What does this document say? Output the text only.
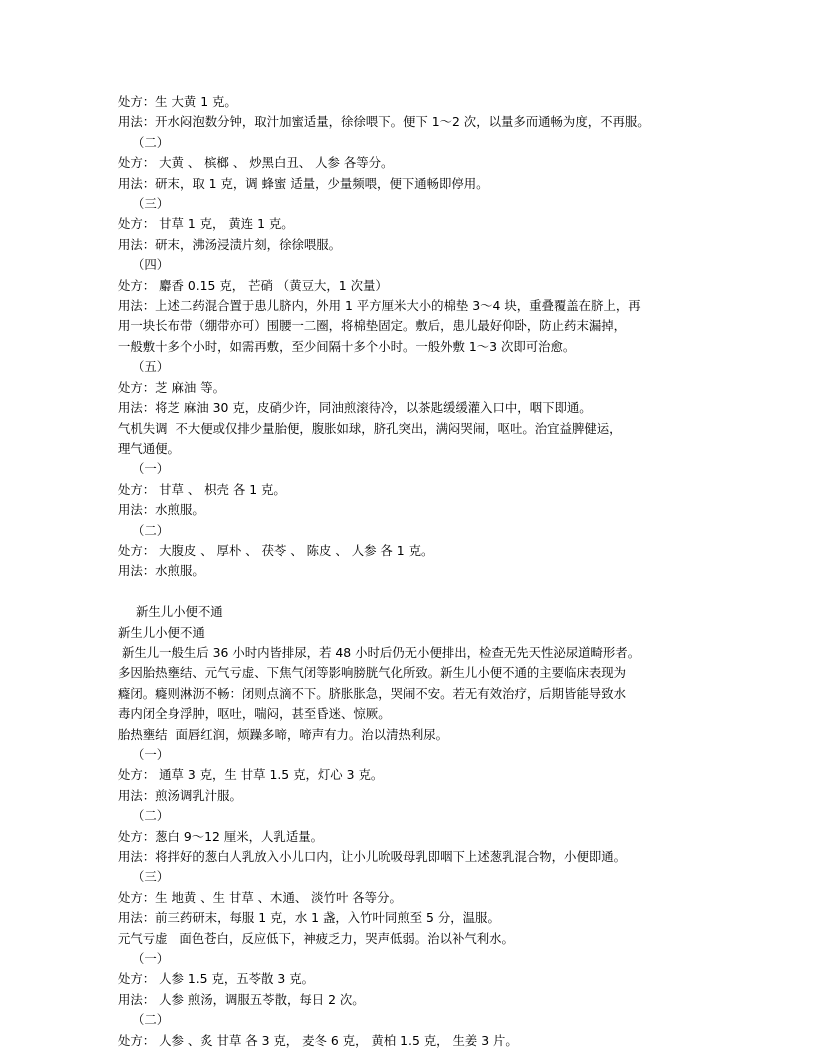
处方：生 大黄 1 克。

用法：开水闷泡数分钟，取汁加蜜适量，徐徐喂下。便下 1～2 次，以量多而通畅为度，不再服。

（二）

处方： 大黄 、 槟榔 、 炒黑白丑、 人参 各等分。

用法：研末，取 1 克，调 蜂蜜 适量，少量频喂，便下通畅即停用。

（三）

处方： 甘草 1 克， 黄连 1 克。

用法：研末，沸汤浸渍片刻，徐徐喂服。

（四）

处方： 麝香 0.15 克， 芒硝 （黄豆大，1 次量）

用法：上述二药混合置于患儿脐内，外用 1 平方厘米大小的棉垫 3～4 块，重叠覆盖在脐上，再

用一块长布带（绷带亦可）围腰一二圈，将棉垫固定。敷后，患儿最好仰卧，防止药末漏掉，

一般敷十多个小时，如需再敷，至少间隔十多个小时。一般外敷 1～3 次即可治愈。

（五）

处方：芝 麻油 等。

用法：将芝 麻油 30 克，皮硝少许，同油煎滚待冷，以茶匙缓缓灌入口中，咽下即通。

气机失调  不大便或仅排少量胎便，腹胀如球，脐孔突出，满闷哭闹，呕吐。治宜益脾健运，

理气通便。

（一）

处方： 甘草 、 枳壳 各 1 克。

用法：水煎服。

（二）

处方： 大腹皮 、 厚朴 、 茯苓 、 陈皮 、 人参 各 1 克。

用法：水煎服。

新生儿小便不通

新生儿小便不通

新生儿一般生后 36 小时内皆排尿，若 48 小时后仍无小便排出，检查无先天性泌尿道畸形者。

多因胎热壅结、元气亏虚、下焦气闭等影响膀胱气化所致。新生儿小便不通的主要临床表现为

癃闭。癃则淋沥不畅：闭则点滴不下。脐胀胀急，哭闹不安。若无有效治疗，后期皆能导致水

毒内闭全身浮肿，呕吐，喘闷，甚至昏迷、惊厥。

胎热壅结  面唇红润，烦躁多啼，啼声有力。治以清热利尿。

（一）

处方： 通草 3 克，生 甘草 1.5 克，灯心 3 克。

用法：煎汤调乳汁服。

（二）

处方：葱白 9～12 厘米，人乳适量。

用法：将拌好的葱白人乳放入小儿口内，让小儿吮吸母乳即咽下上述葱乳混合物，小便即通。

（三）

处方：生 地黄 、生 甘草 、木通、 淡竹叶 各等分。

用法：前三药研末，每服 1 克，水 1 盏，入竹叶同煎至 5 分，温服。

元气亏虚   面色苍白，反应低下，神疲乏力，哭声低弱。治以补气利水。

（一）

处方： 人参 1.5 克，五苓散 3 克。

用法： 人参 煎汤，调服五苓散，每日 2 次。

（二）

处方： 人参 、炙 甘草 各 3 克， 麦冬 6 克， 黄柏 1.5 克， 生姜 3 片。
